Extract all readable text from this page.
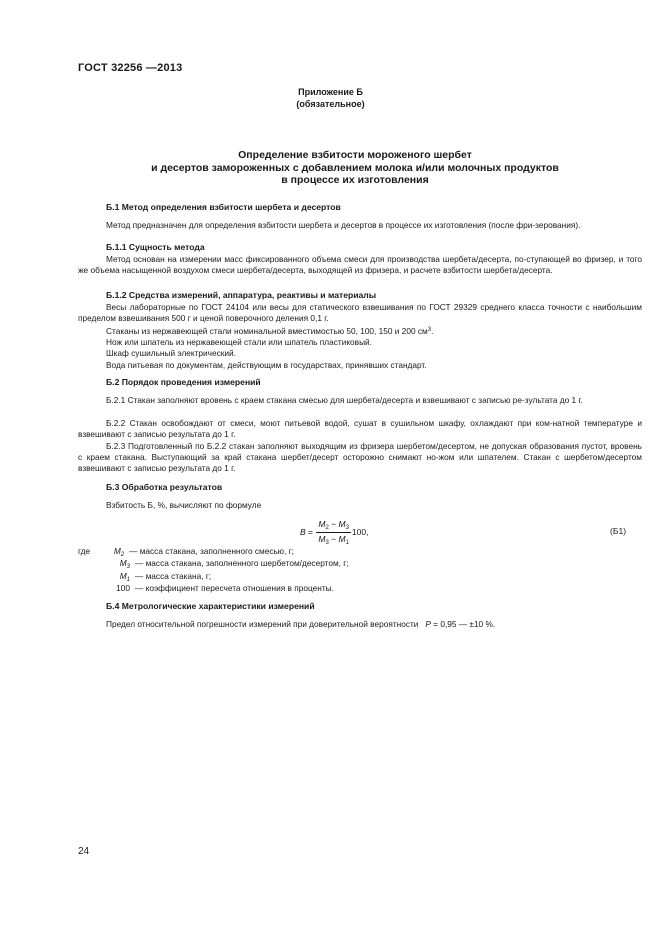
ГОСТ 32256 —2013
Приложение Б
(обязательное)
Определение взбитости мороженого шербет
и десертов замороженных с добавлением молока и/или молочных продуктов
в процессе их изготовления
Б.1 Метод определения взбитости шербета и десертов
Метод предназначен для определения взбитости шербета и десертов в процессе их изготовления (после фри-зерования).
Б.1.1 Сущность метода
Метод основан на измерении масс фиксированного объема смеси для производства шербета/десерта, по-ступающей во фризер, и того же объема насыщенной воздухом смеси шербета/десерта, выходящей из фризера, и расчете взбитости шербета/десерта.
Б.1.2 Средства измерений, аппаратура, реактивы и материалы
Весы лабораторные по ГОСТ 24104 или весы для статического взвешивания по ГОСТ 29329 среднего класса точности с наибольшим пределом взвешивания 500 г и ценой поверочного деления 0,1 г.
Стаканы из нержавеющей стали номинальной вместимостью 50, 100, 150 и 200 $см^3$.
Нож или шпатель из нержавеющей стали или шпатель пластиковый.
Шкаф сушильный электрический.
Вода питьевая по документам, действующим в государствах, принявших стандарт.
Б.2 Порядок проведения измерений
Б.2.1 Стакан заполняют вровень с краем стакана смесью для шербета/десерта и взвешивают с записью ре-зультата до 1 г.
Б.2.2 Стакан освобождают от смеси, моют питьевой водой, сушат в сушильном шкафу, охлаждают при ком-натной температуре и взвешивают с записью результата до 1 г.
Б.2.3 Подготовленный по Б.2.2 стакан заполняют выходящим из фризера шербетом/десертом, не допуская образования пустот, вровень с краем стакана. Выступающий за край стакана шербет/десерт осторожно снимают но-жом или шпателем. Стакан с шербетом/десертом взвешивают с записью результата до 1 г.
Б.3 Обработка результатов
Взбитость Б, %, вычисляют по формуле
$В = \frac{М_2 - М_3}{М_3 - М_1} 100$,	(Б1)
где	$М_2$ — масса стакана, заполненного смесью, г;
$М_3$ — масса стакана, заполненного шербетом/десертом, г;
$М_1$ — масса стакана, г;
100 — коэффициент пересчета отношения в проценты.
Б.4 Метрологические характеристики измерений
Предел относительной погрешности измерений при доверительной вероятности Р = 0,95 — ±10 %.
24
